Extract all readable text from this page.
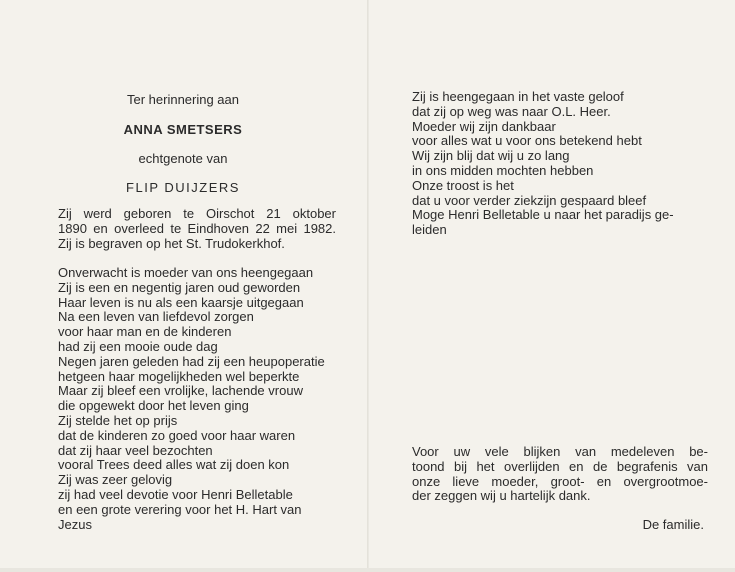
Ter herinnering aan
ANNA SMETSERS
echtgenote van
FLIP DUIJZERS
Zij werd geboren te Oirschot 21 oktober
1890 en overleed te Eindhoven 22 mei 1982.
Zij is begraven op het St. Trudokerkhof.
Onverwacht is moeder van ons heengegaan
Zij is een en negentig jaren oud geworden
Haar leven is nu als een kaarsje uitgegaan
Na een leven van liefdevol zorgen
voor haar man en de kinderen
had zij een mooie oude dag
Negen jaren geleden had zij een heupoperatie
hetgeen haar mogelijkheden wel beperkte
Maar zij bleef een vrolijke, lachende vrouw
die opgewekt door het leven ging
Zij stelde het op prijs
dat de kinderen zo goed voor haar waren
dat zij haar veel bezochten
vooral Trees deed alles wat zij doen kon
Zij was zeer gelovig
zij had veel devotie voor Henri Belletable
en een grote verering voor het H. Hart van
Jezus
Zij is heengegaan in het vaste geloof
dat zij op weg was naar O.L. Heer.
Moeder wij zijn dankbaar
voor alles wat u voor ons betekend hebt
Wij zijn blij dat wij u zo lang
in ons midden mochten hebben
Onze troost is het
dat u voor verder ziekzijn gespaard bleef
Moge Henri Belletable u naar het paradijs ge-
leiden
Voor uw vele blijken van medeleven be-
toond bij het overlijden en de begrafenis van
onze lieve moeder, groot- en overgrootmoe-
der zeggen wij u hartelijk dank.
De familie.
